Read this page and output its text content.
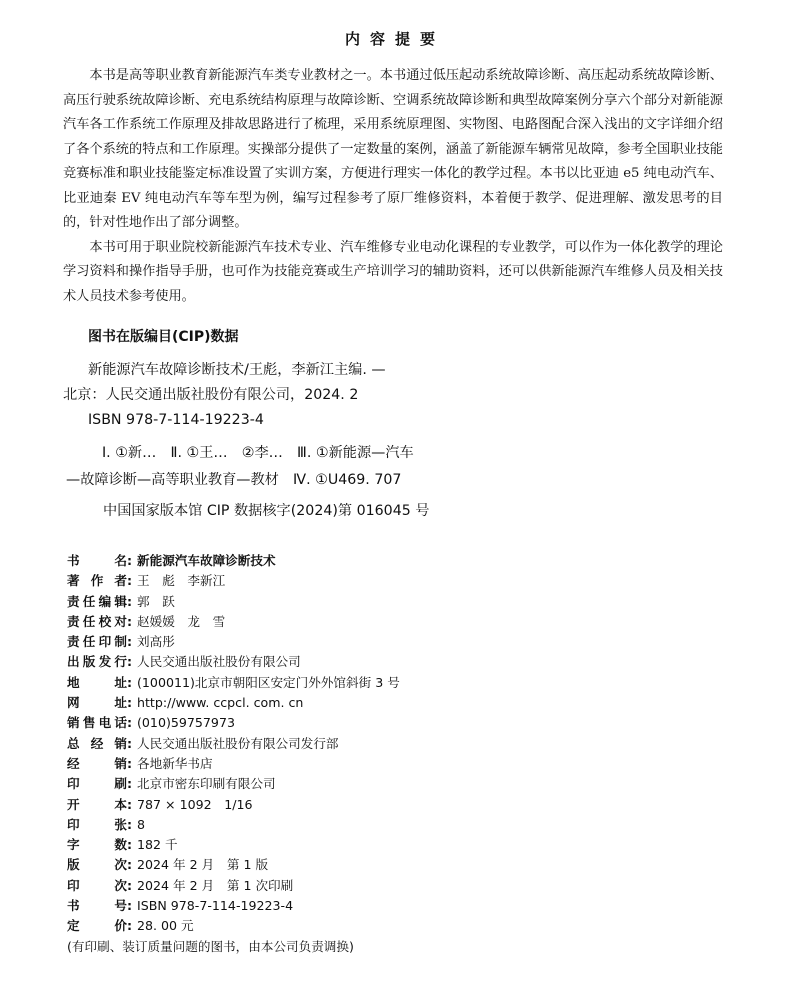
内容提要

本书是高等职业教育新能源汽车类专业教材之一。本书通过低压起动系统故障诊断、高压起动系统故障诊断、高压行驶系统故障诊断、充电系统结构原理与故障诊断、空调系统故障诊断和典型故障案例分享六个部分对新能源汽车各工作系统工作原理及排故思路进行了梳理，采用系统原理图、实物图、电路图配合深入浅出的文字详细介绍了各个系统的特点和工作原理。实操部分提供了一定数量的案例，涵盖了新能源车辆常见故障，参考全国职业技能竞赛标准和职业技能鉴定标准设置了实训方案，方便进行理实一体化的教学过程。本书以比亚迪 e5 纯电动汽车、比亚迪秦 EV 纯电动汽车等车型为例，编写过程参考了原厂维修资料，本着便于教学、促进理解、激发思考的目的，针对性地作出了部分调整。

本书可用于职业院校新能源汽车技术专业、汽车维修专业电动化课程的专业教学，可以作为一体化教学的理论学习资料和操作指导手册，也可作为技能竞赛或生产培训学习的辅助资料，还可以供新能源汽车维修人员及相关技术人员技术参考使用。

图书在版编目(CIP)数据
新能源汽车故障诊断技术/王彪，李新江主编. —
北京：人民交通出版社股份有限公司，2024. 2
ISBN 978-7-114-19223-4
Ⅰ. ①新…　Ⅱ. ①王…　②李…　Ⅲ. ①新能源—汽车
—故障诊断—高等职业教育—教材　Ⅳ. ①U469. 707
中国国家版本馆 CIP 数据核字(2024)第 016045 号
书名 : 新能源汽车故障诊断技术
著作者 : 王　彪　李新江
责任编辑 : 郭　跃
责任校对 : 赵媛媛　龙　雪
责任印制 : 刘高彤
出版发行 : 人民交通出版社股份有限公司
地址 : (100011)北京市朝阳区安定门外外馆斜街 3 号
网址 : http://www. ccpcl. com. cn
销售电话 : (010)59757973
总经销 : 人民交通出版社股份有限公司发行部
经销 : 各地新华书店
印刷 : 北京市密东印刷有限公司
开本 : 787 × 1092　1/16
印张 : 8
字数 : 182 千
版次 : 2024 年 2 月　第 1 版
印次 : 2024 年 2 月　第 1 次印刷
书号 : ISBN 978-7-114-19223-4
定价 : 28. 00 元
(有印刷、装订质量问题的图书，由本公司负责调换)
